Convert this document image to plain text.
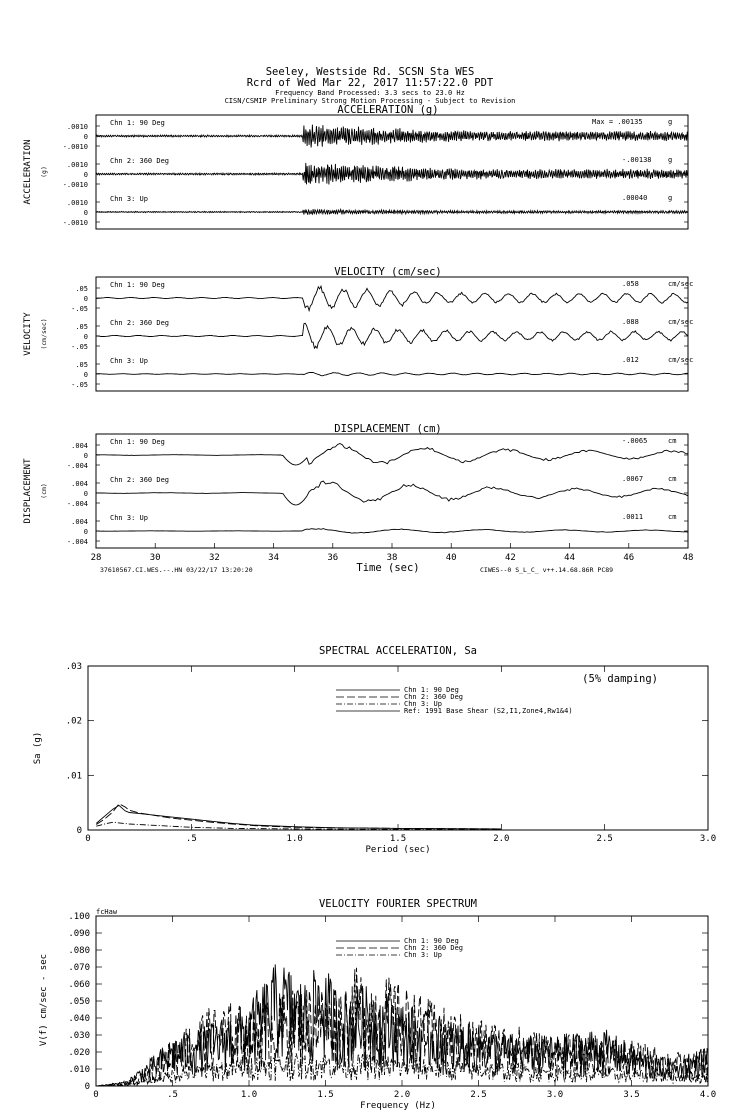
Seeley, Westside Rd. SCSN Sta WES
Rcrd of Wed Mar 22, 2017 11:57:22.0 PDT
Frequency Band Processed: 3.3 secs to 23.0 Hz
CISN/CSMIP Preliminary Strong Motion Processing - Subject to Revision
ACCELERATION (g)
ACCELERATION (g)
.0010
0
-.0010
Chn 1: 90 Deg	Max = .00135	g
.0010
0
-.0010
Chn 2: 360 Deg	-.00138 g
.0010
0
-.0010
Chn 3: Up	.00040	g
VELOCITY (cm/sec)
VELOCITY (cm/sec)
.05
0
-.05
Chn 1: 90 Deg	.058	cm/sec
.05
0
-.05
Chn 2: 360 Deg	.088	cm/sec
.05
0
-.05
Chn 3: Up	.012	cm/sec
DISPLACEMENT (cm)
DISPLACEMENT (cm)
.004
0
-.004
Chn 1: 90 Deg	-.0065	cm
.004
0
-.004
Chn 2: 360 Deg	.0067	cm
.004
0
-.004
Chn 3: Up	.0011	cm
28	30	32	34	36	38	40	42	44	46	48
Time (sec)
37610567.CI.WES.--.HN 03/22/17 13:20:20	CIWES--0 S_L_C_ v++.14.68.86R PC89
SPECTRAL ACCELERATION, Sa
(5% damping)
0	.5	1.0	1.5	2.0	2.5	3.0
0
.01
.02
.03
Period (sec)
Sa (g)
Chn 1: 90 Deg
Chn 2: 360 Deg
Chn 3: Up
Ref: 1991 Base Shear (S2,I1,Zone4,Rw1&4)
VELOCITY FOURIER SPECTRUM
fcHaw
0	.5	1.0	1.5	2.0	2.5	3.0	3.5	4.0
0
.010
.020
.030
.040
.050
.060
.070
.080
.090
.100
Frequency (Hz)
V(f) cm/sec - sec
Chn 1: 90 Deg
Chn 2: 360 Deg
Chn 3: Up
